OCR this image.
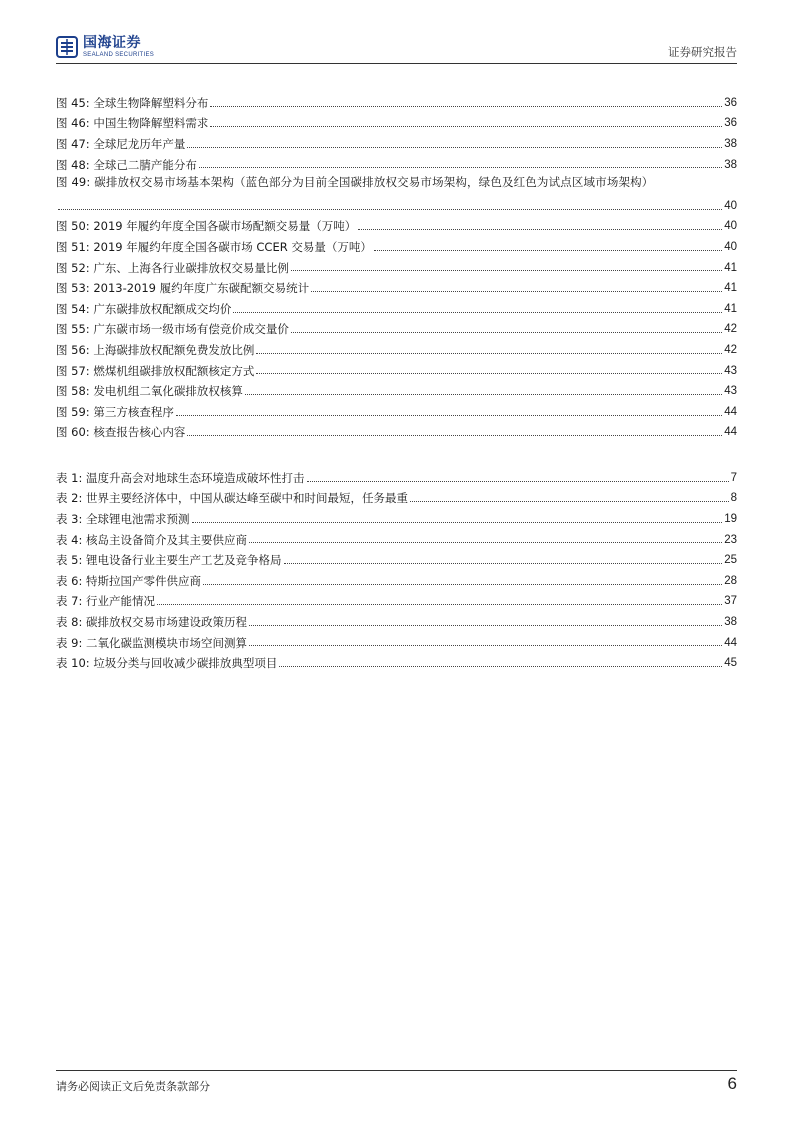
国海证券
SEALAND SECURITIES	证券研究报告
图 45: 全球生物降解塑料分布	36
图 46: 中国生物降解塑料需求	36
图 47: 全球尼龙历年产量	38
图 48: 全球己二腈产能分布	38
图 49: 碳排放权交易市场基本架构（蓝色部分为目前全国碳排放权交易市场架构，绿色及红色为试点区域市场架构）
40
图 50: 2019 年履约年度全国各碳市场配额交易量（万吨）	40
图 51: 2019 年履约年度全国各碳市场 CCER 交易量（万吨）	40
图 52: 广东、上海各行业碳排放权交易量比例	41
图 53: 2013-2019 履约年度广东碳配额交易统计	41
图 54: 广东碳排放权配额成交均价	41
图 55: 广东碳市场一级市场有偿竞价成交量价	42
图 56: 上海碳排放权配额免费发放比例	42
图 57: 燃煤机组碳排放权配额核定方式	43
图 58: 发电机组二氧化碳排放权核算	43
图 59: 第三方核查程序	44
图 60: 核查报告核心内容	44
表 1: 温度升高会对地球生态环境造成破坏性打击	7
表 2: 世界主要经济体中，中国从碳达峰至碳中和时间最短，任务最重	8
表 3: 全球锂电池需求预测	19
表 4: 核岛主设备简介及其主要供应商	23
表 5: 锂电设备行业主要生产工艺及竞争格局	25
表 6: 特斯拉国产零件供应商	28
表 7: 行业产能情况	37
表 8: 碳排放权交易市场建设政策历程	38
表 9: 二氧化碳监测模块市场空间测算	44
表 10: 垃圾分类与回收减少碳排放典型项目	45
请务必阅读正文后免责条款部分	6
